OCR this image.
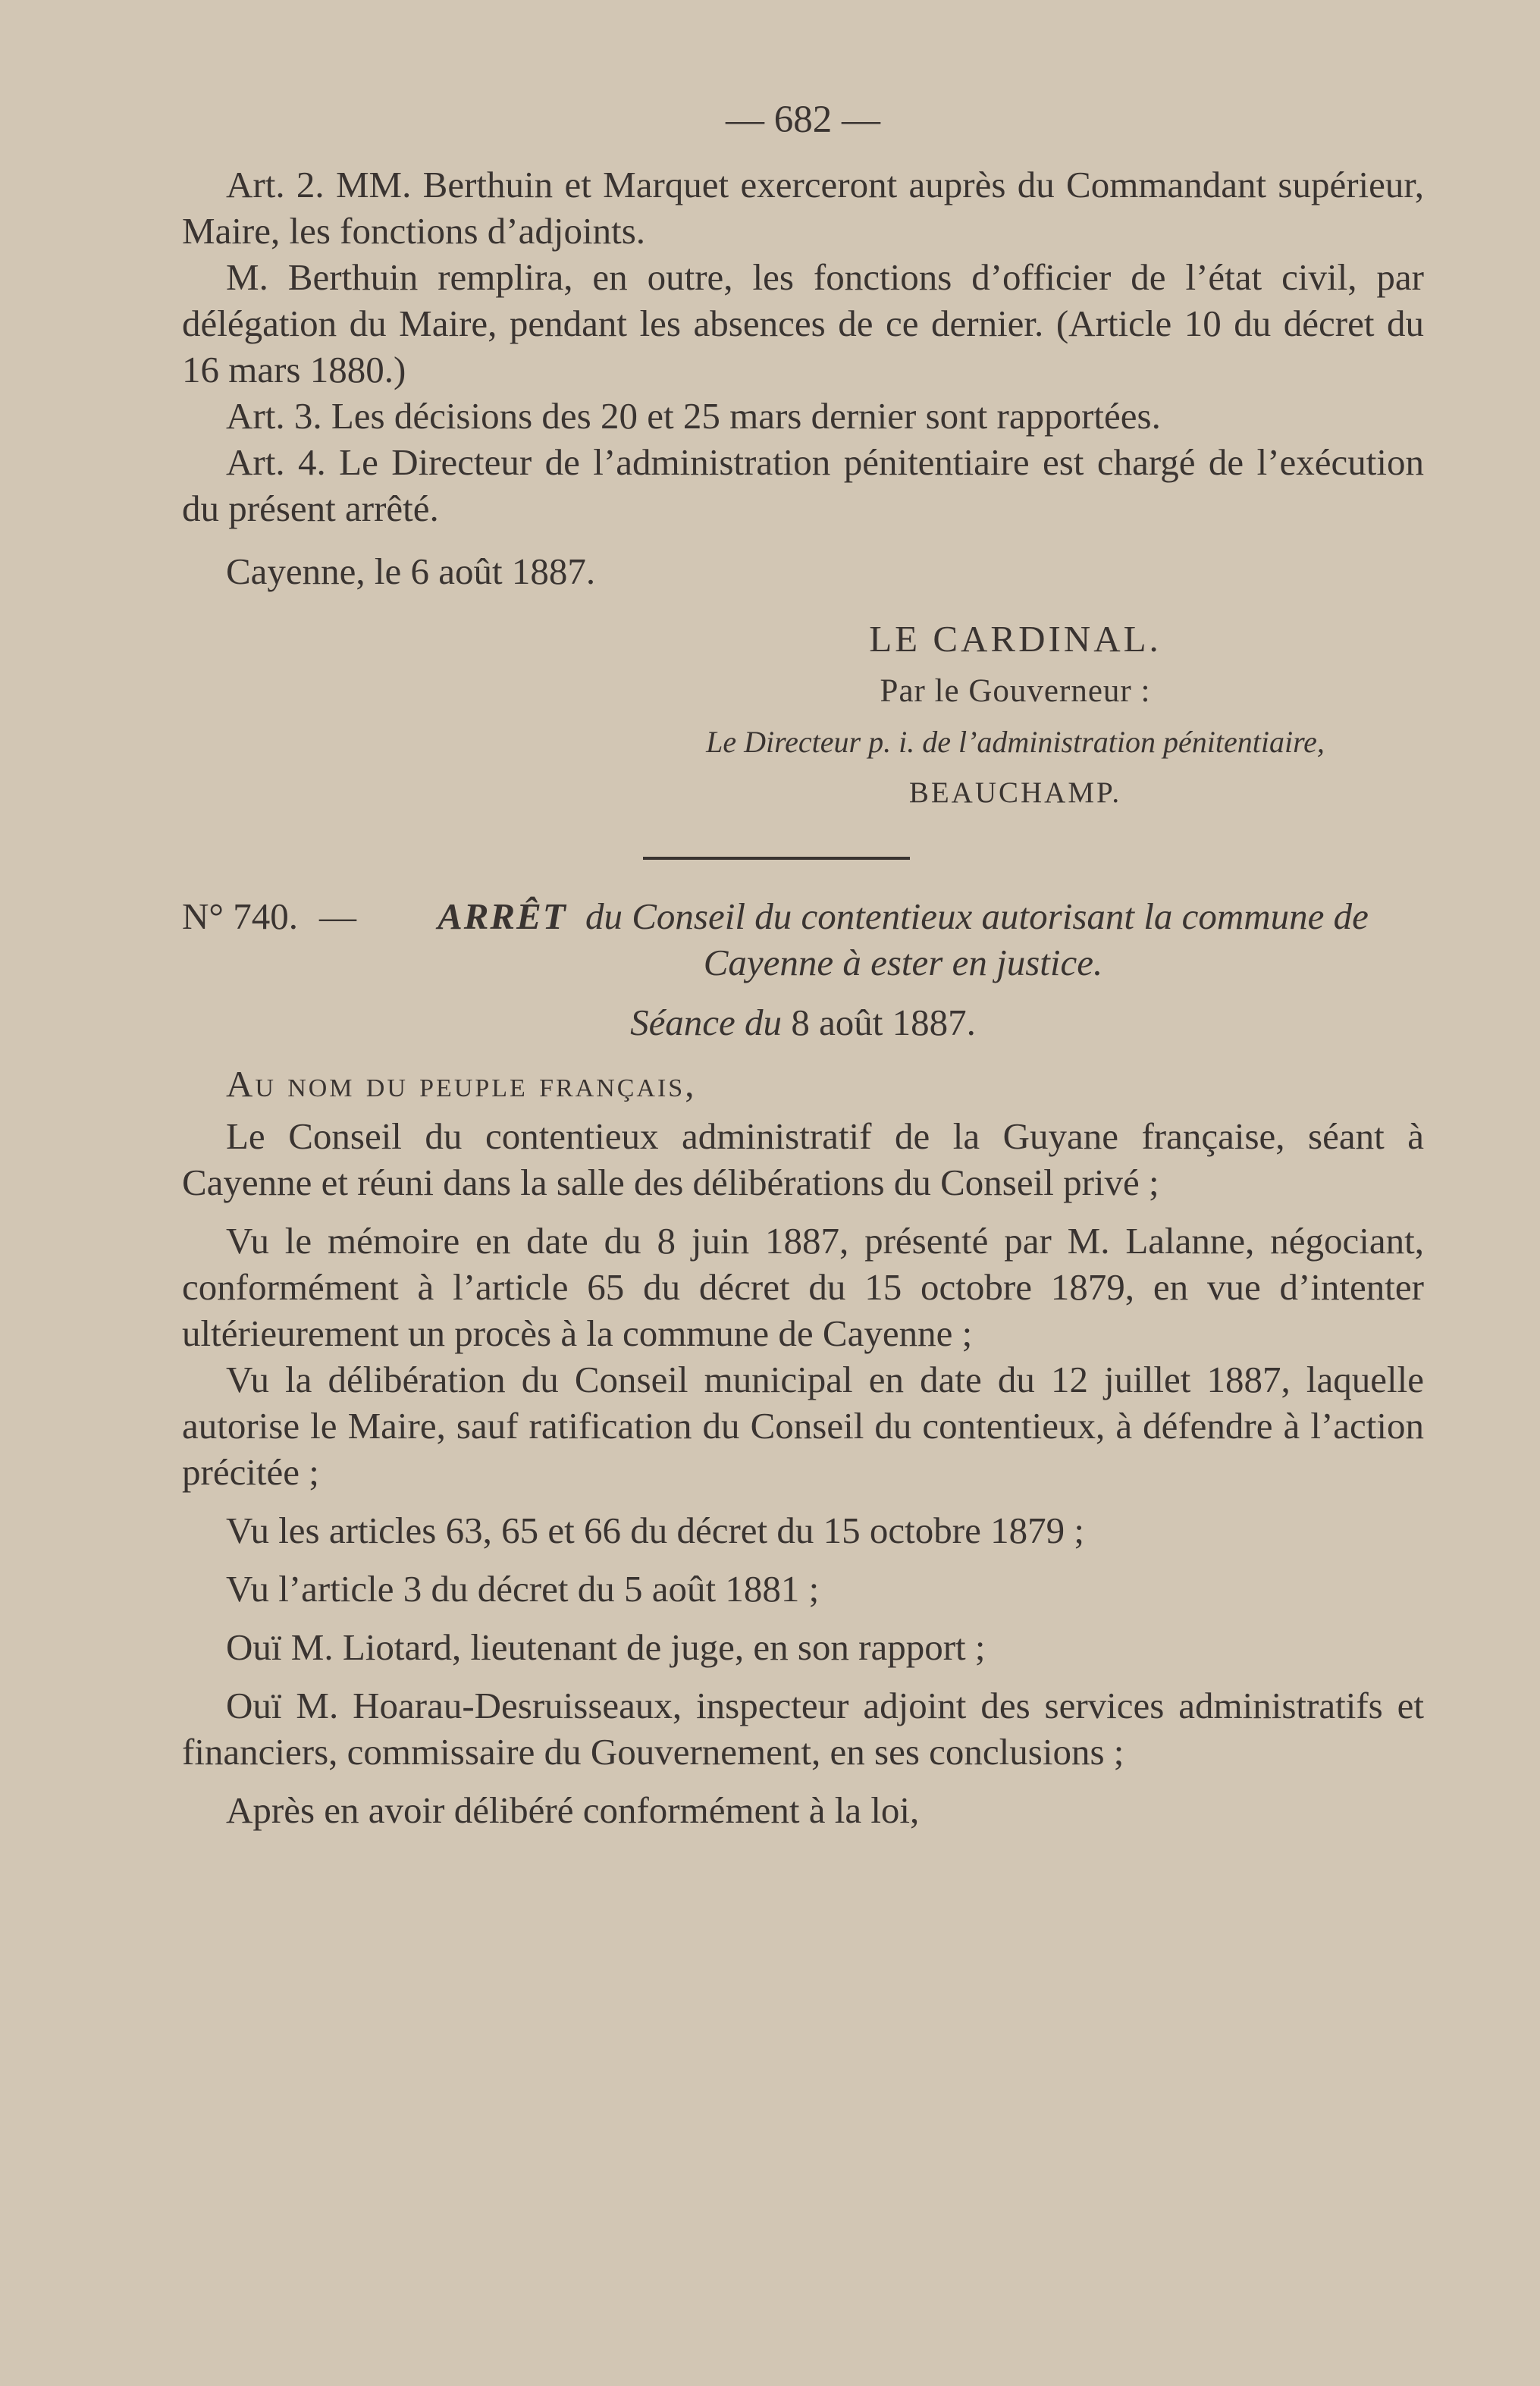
— 682 —

Art. 2. MM. Berthuin et Marquet exerceront auprès du Commandant supérieur, Maire, les fonctions d’adjoints.

M. Berthuin remplira, en outre, les fonctions d’officier de l’état civil, par délégation du Maire, pendant les absences de ce dernier. (Article 10 du décret du 16 mars 1880.)

Art. 3. Les décisions des 20 et 25 mars dernier sont rapportées.

Art. 4. Le Directeur de l’administration pénitentiaire est chargé de l’exécution du présent arrêté.

Cayenne, le 6 août 1887.

LE CARDINAL.
Par le Gouverneur :
Le Directeur p. i. de l’administration pénitentiaire,
BEAUCHAMP.
N° 740. —	ARRÊT du Conseil du contentieux autorisant la commune de Cayenne à ester en justice.
Séance du 8 août 1887.
Au nom du peuple français,

Le Conseil du contentieux administratif de la Guyane française, séant à Cayenne et réuni dans la salle des délibérations du Conseil privé ;

Vu le mémoire en date du 8 juin 1887, présenté par M. Lalanne, négociant, conformément à l’article 65 du décret du 15 octobre 1879, en vue d’intenter ultérieurement un procès à la commune de Cayenne ;

Vu la délibération du Conseil municipal en date du 12 juillet 1887, laquelle autorise le Maire, sauf ratification du Conseil du contentieux, à défendre à l’action précitée ;

Vu les articles 63, 65 et 66 du décret du 15 octobre 1879 ;

Vu l’article 3 du décret du 5 août 1881 ;

Ouï M. Liotard, lieutenant de juge, en son rapport ;

Ouï M. Hoarau-Desruisseaux, inspecteur adjoint des services administratifs et financiers, commissaire du Gouvernement, en ses conclusions ;

Après en avoir délibéré conformément à la loi,
